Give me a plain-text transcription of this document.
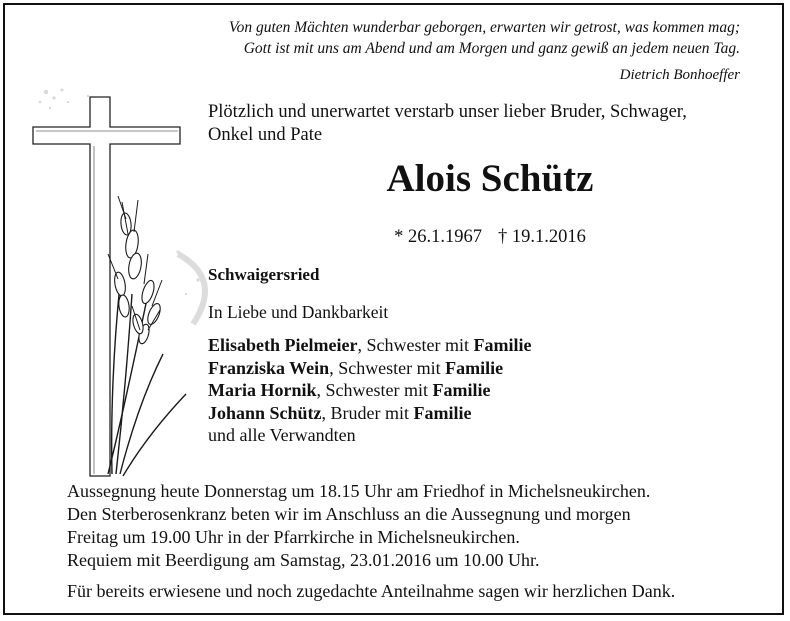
Von guten Mächten wunderbar geborgen, erwarten wir getrost, was kommen mag;
Gott ist mit uns am Abend und am Morgen und ganz gewiß an jedem neuen Tag.
Dietrich Bonhoeffer
Plötzlich und unerwartet verstarb unser lieber Bruder, Schwager,
Onkel und Pate
Alois Schütz
* 26.1.1967 † 19.1.2016
Schwaigersried
In Liebe und Dankbarkeit
Elisabeth Pielmeier, Schwester mit Familie
Franziska Wein, Schwester mit Familie
Maria Hornik, Schwester mit Familie
Johann Schütz, Bruder mit Familie
und alle Verwandten
Aussegnung heute Donnerstag um 18.15 Uhr am Friedhof in Michelsneukirchen.
Den Sterberosenkranz beten wir im Anschluss an die Aussegnung und morgen
Freitag um 19.00 Uhr in der Pfarrkirche in Michelsneukirchen.
Requiem mit Beerdigung am Samstag, 23.01.2016 um 10.00 Uhr.
Für bereits erwiesene und noch zugedachte Anteilnahme sagen wir herzlichen Dank.
